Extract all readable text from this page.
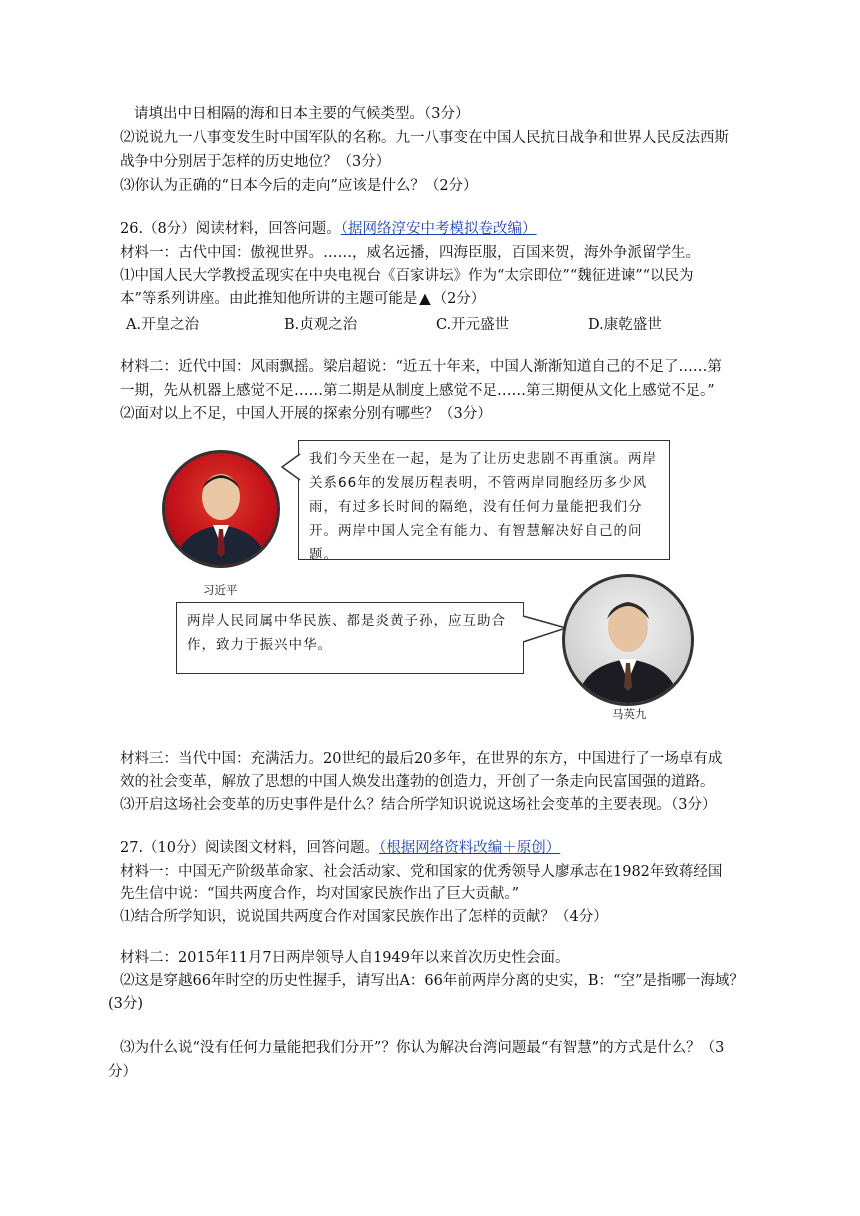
请填出中日相隔的海和日本主要的气候类型。（3分）
⑵说说九一八事变发生时中国军队的名称。九一八事变在中国人民抗日战争和世界人民反法西斯
战争中分别居于怎样的历史地位？（3分）
⑶你认为正确的“日本今后的走向”应该是什么？（2分）
26.（8分）阅读材料，回答问题。（据网络淳安中考模拟卷改编）
材料一：古代中国：傲视世界。……，威名远播，四海臣服，百国来贺，海外争派留学生。
⑴中国人民大学教授孟现实在中央电视台《百家讲坛》作为“太宗即位”“魏征进谏”“以民为
本”等系列讲座。由此推知他所讲的主题可能是 ▲ （2分）
A.开皇之治	B.贞观之治	C.开元盛世	D.康乾盛世
材料二：近代中国：风雨飘摇。梁启超说：“近五十年来，中国人渐渐知道自己的不足了……第
一期，先从机器上感觉不足……第二期是从制度上感觉不足……第三期便从文化上感觉不足。”
⑵面对以上不足，中国人开展的探索分别有哪些？（3分）
习近平
我们今天坐在一起，是为了让历史悲剧不再重演。两岸关系66年的发展历程表明，不管两岸同胞经历多少风雨，有过多长时间的隔绝，没有任何力量能把我们分开。两岸中国人完全有能力、有智慧解决好自己的问题。
两岸人民同属中华民族、都是炎黄子孙，应互助合作，致力于振兴中华。
马英九
材料三：当代中国：充满活力。20世纪的最后20多年，在世界的东方，中国进行了一场卓有成
效的社会变革，解放了思想的中国人焕发出蓬勃的创造力，开创了一条走向民富国强的道路。
⑶开启这场社会变革的历史事件是什么？结合所学知识说说这场社会变革的主要表现。（3分）
27.（10分）阅读图文材料，回答问题。（根据网络资料改编＋原创）
材料一：中国无产阶级革命家、社会活动家、党和国家的优秀领导人廖承志在1982年致蒋经国
先生信中说：“国共两度合作，均对国家民族作出了巨大贡献。”
⑴结合所学知识，说说国共两度合作对国家民族作出了怎样的贡献？（4分）
材料二：2015年11月7日两岸领导人自1949年以来首次历史性会面。
⑵这是穿越66年时空的历史性握手，请写出A：66年前两岸分离的史实，B：“空”是指哪一海域？
(3分)
⑶为什么说“没有任何力量能把我们分开”？你认为解决台湾问题最“有智慧”的方式是什么？（3
分）
